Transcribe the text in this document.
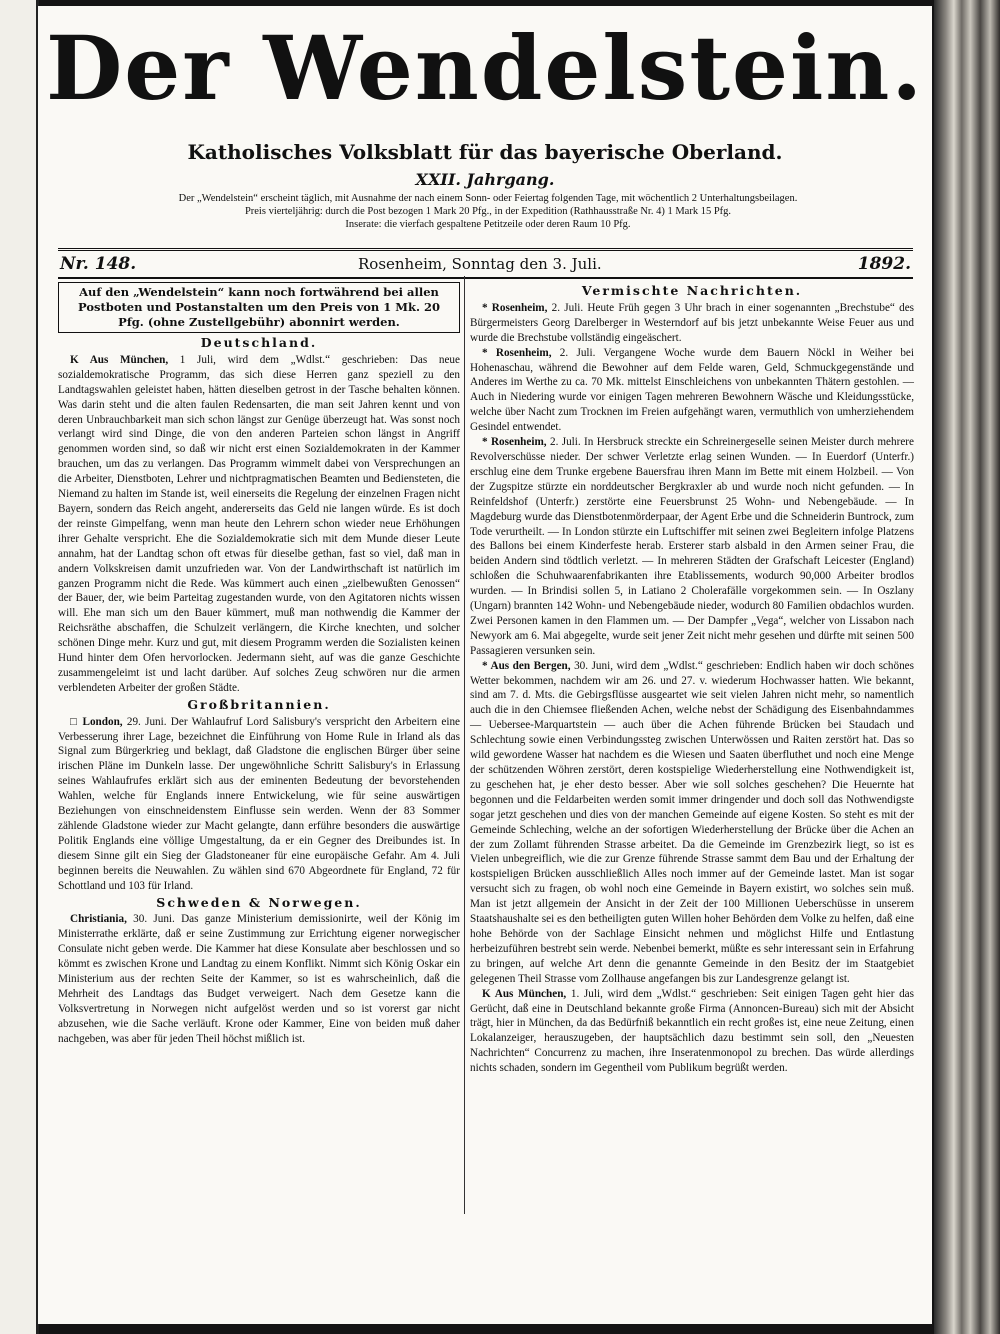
Der Wendelstein.
Katholisches Volksblatt für das bayerische Oberland.
XXII. Jahrgang.
Der „Wendelstein“ erscheint täglich, mit Ausnahme der nach einem Sonn- oder Feiertag folgenden Tage, mit wöchentlich 2 Unterhaltungsbeilagen.
Preis vierteljährig: durch die Post bezogen 1 Mark 20 Pfg., in der Expedition (Rathhausstraße Nr. 4) 1 Mark 15 Pfg.
Inserate: die vierfach gespaltene Petitzeile oder deren Raum 10 Pfg.
Nr. 148.	Rosenheim, Sonntag den 3. Juli.	1892.
Auf den „Wendelstein“ kann noch fortwährend bei allen Postboten und Postanstalten um den Preis von 1 Mk. 20 Pfg. (ohne Zustellgebühr) abonnirt werden.
Deutschland.

K Aus München, 1 Juli, wird dem „Wdlst.“ geschrieben: Das neue sozialdemokratische Programm, das sich diese Herren ganz speziell zu den Landtagswahlen geleistet haben, hätten dieselben getrost in der Tasche behalten können. Was darin steht und die alten faulen Redensarten, die man seit Jahren kennt und von deren Unbrauchbarkeit man sich schon längst zur Genüge überzeugt hat. Was sonst noch verlangt wird sind Dinge, die von den anderen Parteien schon längst in Angriff genommen worden sind, so daß wir nicht erst einen Sozialdemokraten in der Kammer brauchen, um das zu verlangen. Das Programm wimmelt dabei von Versprechungen an die Arbeiter, Dienstboten, Lehrer und nichtpragmatischen Beamten und Bediensteten, die Niemand zu halten im Stande ist, weil einerseits die Regelung der einzelnen Fragen nicht Bayern, sondern das Reich angeht, andererseits das Geld nie langen würde. Es ist doch der reinste Gimpelfang, wenn man heute den Lehrern schon wieder neue Erhöhungen ihrer Gehalte verspricht. Ehe die Sozialdemokratie sich mit dem Munde dieser Leute annahm, hat der Landtag schon oft etwas für dieselbe gethan, fast so viel, daß man in andern Volkskreisen damit unzufrieden war. Von der Landwirthschaft ist natürlich im ganzen Programm nicht die Rede. Was kümmert auch einen „zielbewußten Genossen“ der Bauer, der, wie beim Parteitag zugestanden wurde, von den Agitatoren nichts wissen will. Ehe man sich um den Bauer kümmert, muß man nothwendig die Kammer der Reichsräthe abschaffen, die Schulzeit verlängern, die Kirche knechten, und solcher schönen Dinge mehr. Kurz und gut, mit diesem Programm werden die Sozialisten keinen Hund hinter dem Ofen hervorlocken. Jedermann sieht, auf was die ganze Geschichte zusammengeleimt ist und lacht darüber. Auf solches Zeug schwören nur die armen verblendeten Arbeiter der großen Städte.

Großbritannien.

□ London, 29. Juni. Der Wahlaufruf Lord Salisbury's verspricht den Arbeitern eine Verbesserung ihrer Lage, bezeichnet die Einführung von Home Rule in Irland als das Signal zum Bürgerkrieg und beklagt, daß Gladstone die englischen Bürger über seine irischen Pläne im Dunkeln lasse. Der ungewöhnliche Schritt Salisbury's in Erlassung seines Wahlaufrufes erklärt sich aus der eminenten Bedeutung der bevorstehenden Wahlen, welche für Englands innere Entwickelung, wie für seine auswärtigen Beziehungen von einschneidenstem Einflusse sein werden. Wenn der 83 Sommer zählende Gladstone wieder zur Macht gelangte, dann erführe besonders die auswärtige Politik Englands eine völlige Umgestaltung, da er ein Gegner des Dreibundes ist. In diesem Sinne gilt ein Sieg der Gladstoneaner für eine europäische Gefahr. Am 4. Juli beginnen bereits die Neuwahlen. Zu wählen sind 670 Abgeordnete für England, 72 für Schottland und 103 für Irland.

Schweden & Norwegen.

Christiania, 30. Juni. Das ganze Ministerium demissionirte, weil der König im Ministerrathe erklärte, daß er seine Zustimmung zur Errichtung eigener norwegischer Consulate nicht geben werde. Die Kammer hat diese Konsulate aber beschlossen und so kömmt es zwischen Krone und Landtag zu einem Konflikt. Nimmt sich König Oskar ein Ministerium aus der rechten Seite der Kammer, so ist es wahrscheinlich, daß die Mehrheit des Landtags das Budget verweigert. Nach dem Gesetze kann die Volksvertretung in Norwegen nicht aufgelöst werden und so ist vorerst gar nicht abzusehen, wie die Sache verläuft. Krone oder Kammer, Eine von beiden muß daher nachgeben, was aber für jeden Theil höchst mißlich ist.

Vermischte Nachrichten.

* Rosenheim, 2. Juli. Heute Früh gegen 3 Uhr brach in einer sogenannten „Brechstube“ des Bürgermeisters Georg Darelberger in Westerndorf auf bis jetzt unbekannte Weise Feuer aus und wurde die Brechstube vollständig eingeäschert.

* Rosenheim, 2. Juli. Vergangene Woche wurde dem Bauern Nöckl in Weiher bei Hohenaschau, während die Bewohner auf dem Felde waren, Geld, Schmuckgegenstände und Anderes im Werthe zu ca. 70 Mk. mittelst Einschleichens von unbekannten Thätern gestohlen. — Auch in Niedering wurde vor einigen Tagen mehreren Bewohnern Wäsche und Kleidungsstücke, welche über Nacht zum Trocknen im Freien aufgehängt waren, vermuthlich von umherziehendem Gesindel entwendet.

* Rosenheim, 2. Juli. In Hersbruck streckte ein Schreinergeselle seinen Meister durch mehrere Revolverschüsse nieder. Der schwer Verletzte erlag seinen Wunden. — In Euerdorf (Unterfr.) erschlug eine dem Trunke ergebene Bauersfrau ihren Mann im Bette mit einem Holzbeil. — Von der Zugspitze stürzte ein norddeutscher Bergkraxler ab und wurde noch nicht gefunden. — In Reinfeldshof (Unterfr.) zerstörte eine Feuersbrunst 25 Wohn- und Nebengebäude. — In Magdeburg wurde das Dienstbotenmörderpaar, der Agent Erbe und die Schneiderin Buntrock, zum Tode verurtheilt. — In London stürzte ein Luftschiffer mit seinen zwei Begleitern infolge Platzens des Ballons bei einem Kinderfeste herab. Ersterer starb alsbald in den Armen seiner Frau, die beiden Andern sind tödtlich verletzt. — In mehreren Städten der Grafschaft Leicester (England) schloßen die Schuhwaarenfabrikanten ihre Etablissements, wodurch 90,000 Arbeiter brodlos wurden. — In Brindisi sollen 5, in Latiano 2 Cholerafälle vorgekommen sein. — In Oszlany (Ungarn) brannten 142 Wohn- und Nebengebäude nieder, wodurch 80 Familien obdachlos wurden. Zwei Personen kamen in den Flammen um. — Der Dampfer „Vega“, welcher von Lissabon nach Newyork am 6. Mai abgegelte, wurde seit jener Zeit nicht mehr gesehen und dürfte mit seinen 500 Passagieren versunken sein.

* Aus den Bergen, 30. Juni, wird dem „Wdlst.“ geschrieben: Endlich haben wir doch schönes Wetter bekommen, nachdem wir am 26. und 27. v. wiederum Hochwasser hatten. Wie bekannt, sind am 7. d. Mts. die Gebirgsflüsse ausgeartet wie seit vielen Jahren nicht mehr, so namentlich auch die in den Chiemsee fließenden Achen, welche nebst der Schädigung des Eisenbahndammes — Uebersee-Marquartstein — auch über die Achen führende Brücken bei Staudach und Schlechtung sowie einen Verbindungssteg zwischen Unterwössen und Raiten zerstört hat. Das so wild gewordene Wasser hat nachdem es die Wiesen und Saaten überfluthet und noch eine Menge der schützenden Wöhren zerstört, deren kostspielige Wiederherstellung eine Nothwendigkeit ist, zu geschehen hat, je eher desto besser. Aber wie soll solches geschehen? Die Heuernte hat begonnen und die Feldarbeiten werden somit immer dringender und doch soll das Nothwendigste sogar jetzt geschehen und dies von der manchen Gemeinde auf eigene Kosten. So steht es mit der Gemeinde Schleching, welche an der sofortigen Wiederherstellung der Brücke über die Achen an der zum Zollamt führenden Strasse arbeitet. Da die Gemeinde im Grenzbezirk liegt, so ist es Vielen unbegreiflich, wie die zur Grenze führende Strasse sammt dem Bau und der Erhaltung der kostspieligen Brücken ausschließlich Alles noch immer auf der Gemeinde lastet. Man ist sogar versucht sich zu fragen, ob wohl noch eine Gemeinde in Bayern existirt, wo solches sein muß. Man ist jetzt allgemein der Ansicht in der Zeit der 100 Millionen Ueberschüsse in unserem Staatshaushalte sei es den betheiligten guten Willen hoher Behörden dem Volke zu helfen, daß eine hohe Behörde von der Sachlage Einsicht nehmen und möglichst Hilfe und Entlastung herbeizuführen bestrebt sein werde. Nebenbei bemerkt, müßte es sehr interessant sein in Erfahrung zu bringen, auf welche Art denn die genannte Gemeinde in den Besitz der im Staatgebiet gelegenen Theil Strasse vom Zollhause angefangen bis zur Landesgrenze gelangt ist.

K Aus München, 1. Juli, wird dem „Wdlst.“ geschrieben: Seit einigen Tagen geht hier das Gerücht, daß eine in Deutschland bekannte große Firma (Annoncen-Bureau) sich mit der Absicht trägt, hier in München, da das Bedürfniß bekanntlich ein recht großes ist, eine neue Zeitung, einen Lokalanzeiger, herauszugeben, der hauptsächlich dazu bestimmt sein soll, den „Neuesten Nachrichten“ Concurrenz zu machen, ihre Inseratenmonopol zu brechen. Das würde allerdings nichts schaden, sondern im Gegentheil vom Publikum begrüßt werden.
